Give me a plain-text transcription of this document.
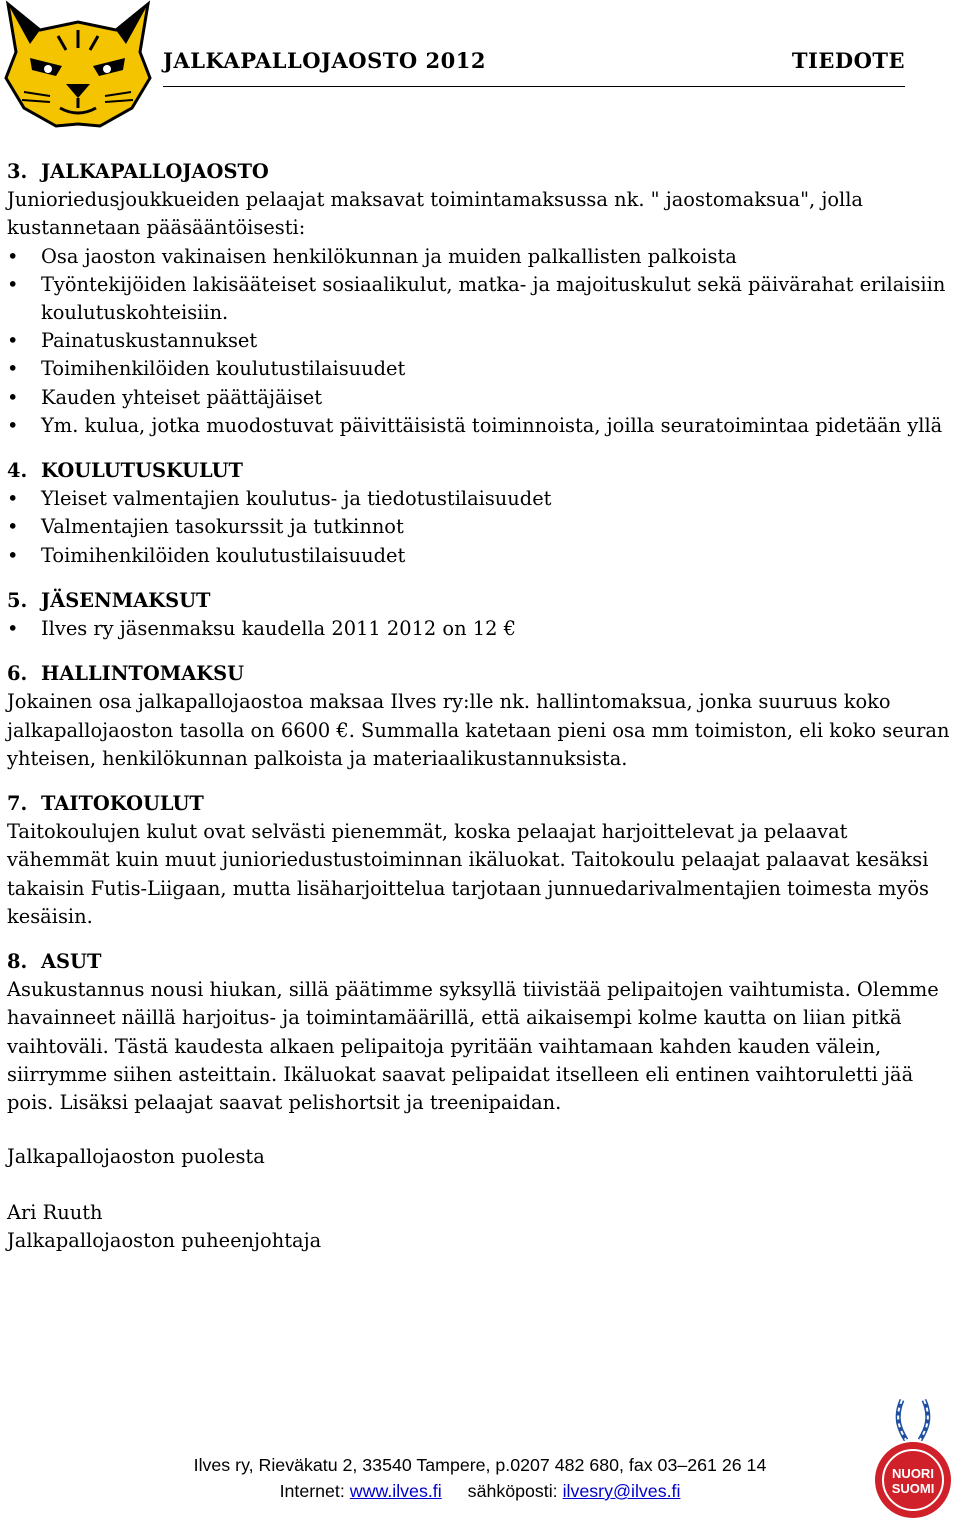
JALKAPALLOJAOSTO 2012	TIEDOTE
3. JALKAPALLOJAOSTO

Junioriedusjoukkueiden pelaajat maksavat toimintamaksussa nk. " jaostomaksua", jolla kustannetaan pääsääntöisesti:

• Osa jaoston vakinaisen henkilökunnan ja muiden palkallisten palkoista
• Työntekijöiden lakisääteiset sosiaalikulut, matka- ja majoituskulut sekä päivärahat erilaisiin koulutuskohteisiin.
• Painatuskustannukset
• Toimihenkilöiden koulutustilaisuudet
• Kauden yhteiset päättäjäiset
• Ym. kulua, jotka muodostuvat päivittäisistä toiminnoista, joilla seuratoimintaa pidetään yllä
4. KOULUTUSKULUT
• Yleiset valmentajien koulutus- ja tiedotustilaisuudet
• Valmentajien tasokurssit ja tutkinnot
• Toimihenkilöiden koulutustilaisuudet
5. JÄSENMAKSUT
• Ilves ry jäsenmaksu kaudella 2011 2012 on 12 €
6. HALLINTOMAKSU

Jokainen osa jalkapallojaostoa maksaa Ilves ry:lle nk. hallintomaksua, jonka suuruus koko jalkapallojaoston tasolla on 6600 €. Summalla katetaan pieni osa mm toimiston, eli koko seuran yhteisen, henkilökunnan palkoista ja materiaalikustannuksista.

7. TAITOKOULUT

Taitokoulujen kulut ovat selvästi pienemmät, koska pelaajat harjoittelevat ja pelaavat vähemmät kuin muut junioriedustustoiminnan ikäluokat. Taitokoulu pelaajat palaavat kesäksi takaisin Futis-Liigaan, mutta lisäharjoittelua tarjotaan junnuedarivalmentajien toimesta myös kesäisin.

8. ASUT

Asukustannus nousi hiukan, sillä päätimme syksyllä tiivistää pelipaitojen vaihtumista. Olemme havainneet näillä harjoitus- ja toimintamäärillä, että aikaisempi kolme kautta on liian pitkä vaihtoväli. Tästä kaudesta alkaen pelipaitoja pyritään vaihtamaan kahden kauden välein, siirrymme siihen asteittain. Ikäluokat saavat pelipaidat itselleen eli entinen vaihtoruletti jää pois. Lisäksi pelaajat saavat pelishortsit ja treenipaidan.

Jalkapallojaoston puolesta

Ari Ruuth

Jalkapallojaoston puheenjohtaja

Ilves ry, Rieväkatu 2, 33540 Tampere, p.0207 482 680, fax 03–261 26 14
Internet: www.ilves.fi sähköposti: ilvesry@ilves.fi
NUORI
SUOMI
